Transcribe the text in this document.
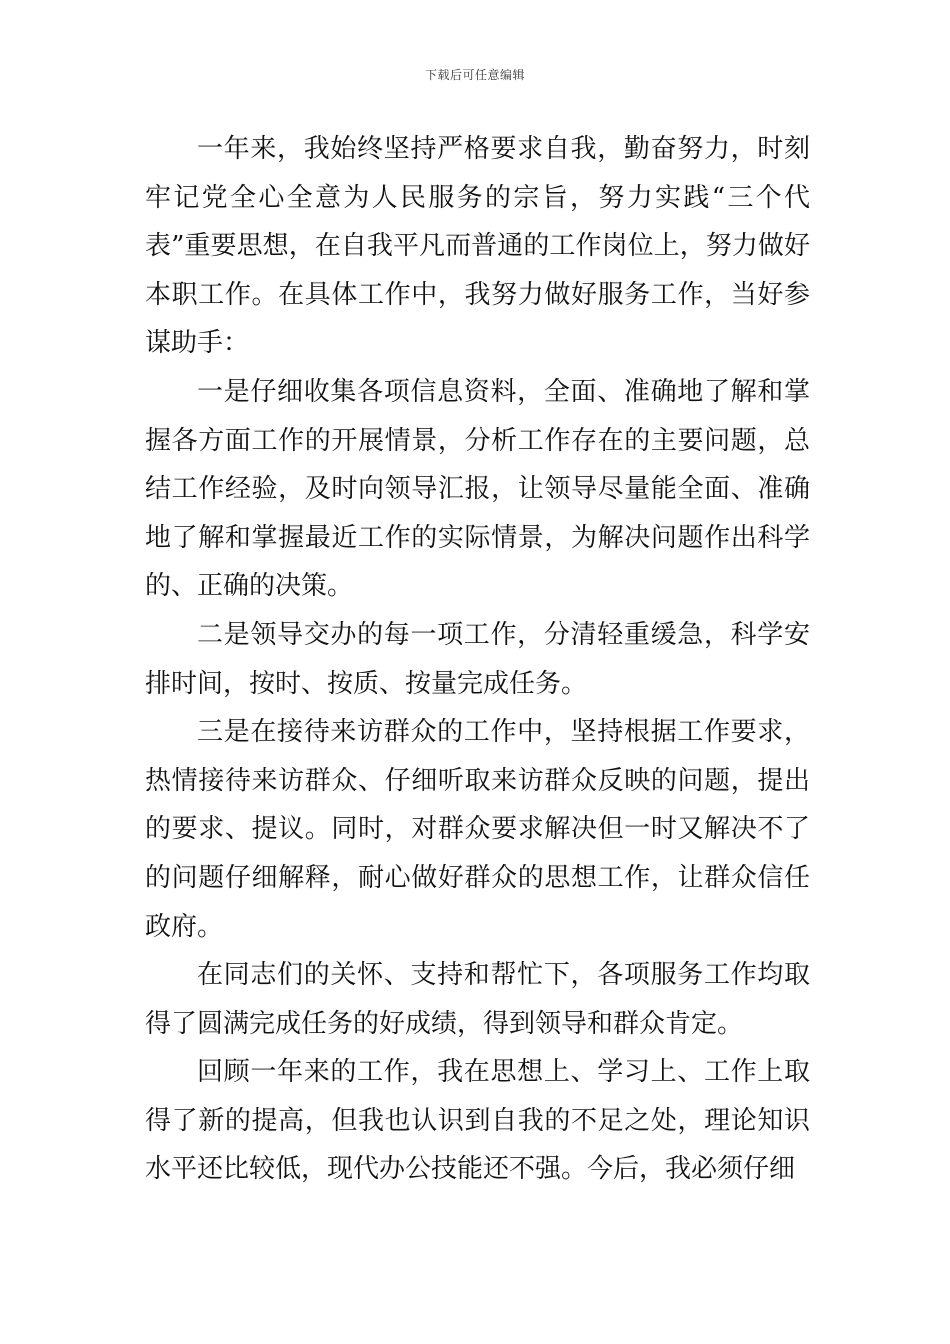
下载后可任意编辑

一年来，我始终坚持严格要求自我，勤奋努力，时刻牢记党全心全意为人民服务的宗旨，努力实践“三个代表”重要思想，在自我平凡而普通的工作岗位上，努力做好本职工作。在具体工作中，我努力做好服务工作，当好参谋助手：

一是仔细收集各项信息资料，全面、准确地了解和掌握各方面工作的开展情景，分析工作存在的主要问题，总结工作经验，及时向领导汇报，让领导尽量能全面、准确地了解和掌握最近工作的实际情景，为解决问题作出科学的、正确的决策。

二是领导交办的每一项工作，分清轻重缓急，科学安排时间，按时、按质、按量完成任务。

三是在接待来访群众的工作中，坚持根据工作要求，热情接待来访群众、仔细听取来访群众反映的问题，提出的要求、提议。同时，对群众要求解决但一时又解决不了的问题仔细解释，耐心做好群众的思想工作，让群众信任政府。

在同志们的关怀、支持和帮忙下，各项服务工作均取得了圆满完成任务的好成绩，得到领导和群众肯定。

回顾一年来的工作，我在思想上、学习上、工作上取得了新的提高，但我也认识到自我的不足之处，理论知识水平还比较低，现代办公技能还不强。今后，我必须仔细
